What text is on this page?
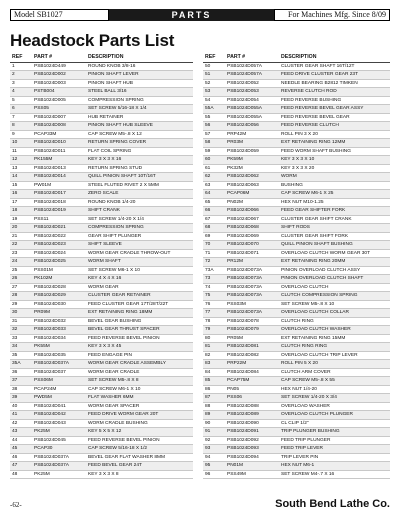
Model SB1027	PARTS	For Machines Mfg. Since 8/09
Headstock Parts List
REF	PART #	DESCRIPTION
1	PSB1024D449	ROUND KNOB 3/8-16
2	PSB1024D002	PINION SHAFT LEVER
3	PSB1024D003	PINION SHAFT HUB
4	PSTB004	STEEL BALL 3/16
5	PSB1024D005	COMPRESSION SPRING
6	PSS05	SET SCREW 5/16-18 X 1/4
7	PSB1024D007	HUB RETAINER
8	PSB1024D008	PINION SHAFT HUB SLEEVE
9	PCAP33M	CAP SCREW M5-.8 X 12
10	PSB1024D010	RETURN SPRING COVER
11	PSB1024D011	FLAT COIL SPRING
12	PK155M	KEY 3 X 3 X 16
13	PSB1024D013	RETURN SPRING STUD
14	PSB1024D014	QUILL PINION SHAFT 10T/16T
15	PW01M	STEEL FLUTED RIVET 2 X 5MM
16	PSB1024D017	ZERO SCALE
17	PSB1024D018	ROUND KNOB 1/4-20
18	PSB1024D019	SHIFT CRANK
19	PSS11	SET SCREW 1/4-20 X 1/4
20	PSB1024D021	COMPRESSION SPRING
21	PSB1024D022	GEAR SHIFT PLUNGER
22	PSB1024D023	SHIFT SLEEVE
23	PSB1024D024	WORM GEAR CRADLE THROW-OUT
24	PSB1024D025	WORM SHAFT
25	PSS01M	SET SCREW M6-1 X 10
26	PK102M	KEY 4 X 4 X 16
27	PSB1024D028	WORM GEAR
28	PSB1024D029	CLUSTER GEAR RETAINER
29	PSB1024D030	FEED CLUSTER GEAR 17T/28T/22T
30	PR09M	EXT RETAINING RING 18MM
31	PSB1024D032	BEVEL GEAR BUSHING
32	PSB1024D033	BEVEL GEAR THRUST SPACER
33	PSB1024D034	FEED REVERSE BEVEL PINION
34	PK55M	KEY 3 X 3 X 45
35	PSB1024D035	FEED ENGAGE PIN
35A	PSB1024D037A	WORM GEAR CRADLE ASSEMBLY
36	PSB1024D037	WORM GEAR CRADLE
37	PSS06M	SET SCREW M5-.8 X 8
38	PCAP24M	CAP SCREW M6-1 X 10
39	PWD5M	FLAT WASHER 6MM
40	PSB1024D041	WORM GEAR SPACER
41	PSB1024D042	FEED DRIVE WORM GEAR 20T
42	PSB1024D043	WORM CRADLE BUSHING
43	PK25M	KEY 5 X 5 X 12
44	PSB1024D045	FEED REVERSE BEVEL PINION
45	PCAP30	CAP SCREW 5/16-18 X 1/2
46	PSB1024D037A	BEVEL GEAR FLAT WASHER 8MM
47	PSB1024D037A	FEED BEVEL GEAR 24T
48	PK25M	KEY 3 X 3 X 8
REF	PART #	DESCRIPTION
50	PSB1024D057A	CLUSTER GEAR SHAFT 16T/12T
51	PSB1024D057A	FEED DRIVE CLUSTER GEAR 23T
52	PSB1024D052	NEEDLE BEARING B2812 TIMKEN
53	PSB1024D053	REVERSE CLUTCH ROD
54	PSB1024D054	FEED REVERSE BUSHING
55A	PSB1024D055A	FEED REVERSE BEVEL GEAR ASSY
55	PSB1024D055A	FEED REVERSE BEVEL GEAR
56	PSB1024D056	FEED REVERSE CLUTCH
57	PRP42M	ROLL PIN 3 X 20
58	PR03M	EXT RETAINING RING 12MM
59	PSB1024D059	FEED WORM SHAFT BUSHING
60	PK59M	KEY 3 X 3 X 10
61	PK32M	KEY 3 X 3 X 20
62	PSB1024D062	WORM
63	PSB1024D063	BUSHING
64	PCAP06M	CAP SCREW M6-1 X 25
65	PN02M	HEX NUT M10-1.25
66	PSB1024D066	FEED GEAR SHIFTER FORK
67	PSB1024D067	CLUSTER GEAR SHIFT CRANK
68	PSB1024D068	SHIFT RODS
69	PSB1024D069	CLUSTER GEAR SHIFT FORK
70	PSB1024D070	QUILL PINION SHAFT BUSHING
71	PSB1024D071	OVERLOAD CLUTCH WORM GEAR 30T
72	PR12M	EXT RETAINING RING 20MM
73A	PSB1024D073A	PINION OVERLOAD CLUTCH ASSY
73	PSB1024D073A	PINION OVERLOAD CLUTCH SHAFT
74	PSB1024D073A	OVERLOAD CLUTCH
75	PSB1024D073A	CLUTCH COMPRESSION SPRING
76	PSS03M	SET SCREW M5-.8 X 10
77	PSB1024D073A	OVERLOAD CLUTCH COLLAR
78	PSB1024D078	CLUTCH RING
79	PSB1024D079	OVERLOAD CLUTCH WASHER
80	PR05M	EXT RETAINING RING 15MM
81	PSB1024D081	CLUTCH RING RING
82	PSB1024D082	OVERLOAD CLUTCH TRIP LEVER
83	PRP22M	ROLL PIN 5 X 20
84	PSB1024D084	CLUTCH ARM COVER
85	PCAP75M	CAP SCREW M5-.8 X 55
86	PN05	HEX NUT 1/4-20
87	PSS06	SET SCREW 1/4-20 X 3/4
88	PSB1024D088	OVERLOAD WASHER
89	PSB1024D089	OVERLOAD CLUTCH PLUNGER
90	PSB1024D090	CL CLIP 1/2"
91	PSB1024D091	TRIP PLUNGER BUSHING
92	PSB1024D092	FEED TRIP PLUNGER
93	PSB1024D093	FEED TRIP LEVER
94	PSB1024D094	TRIP LEVER PIN
95	PN01M	HEX NUT M6-1
96	PSS49M	SET SCREW M4-.7 X 16
-62-	South Bend Lathe Co.
